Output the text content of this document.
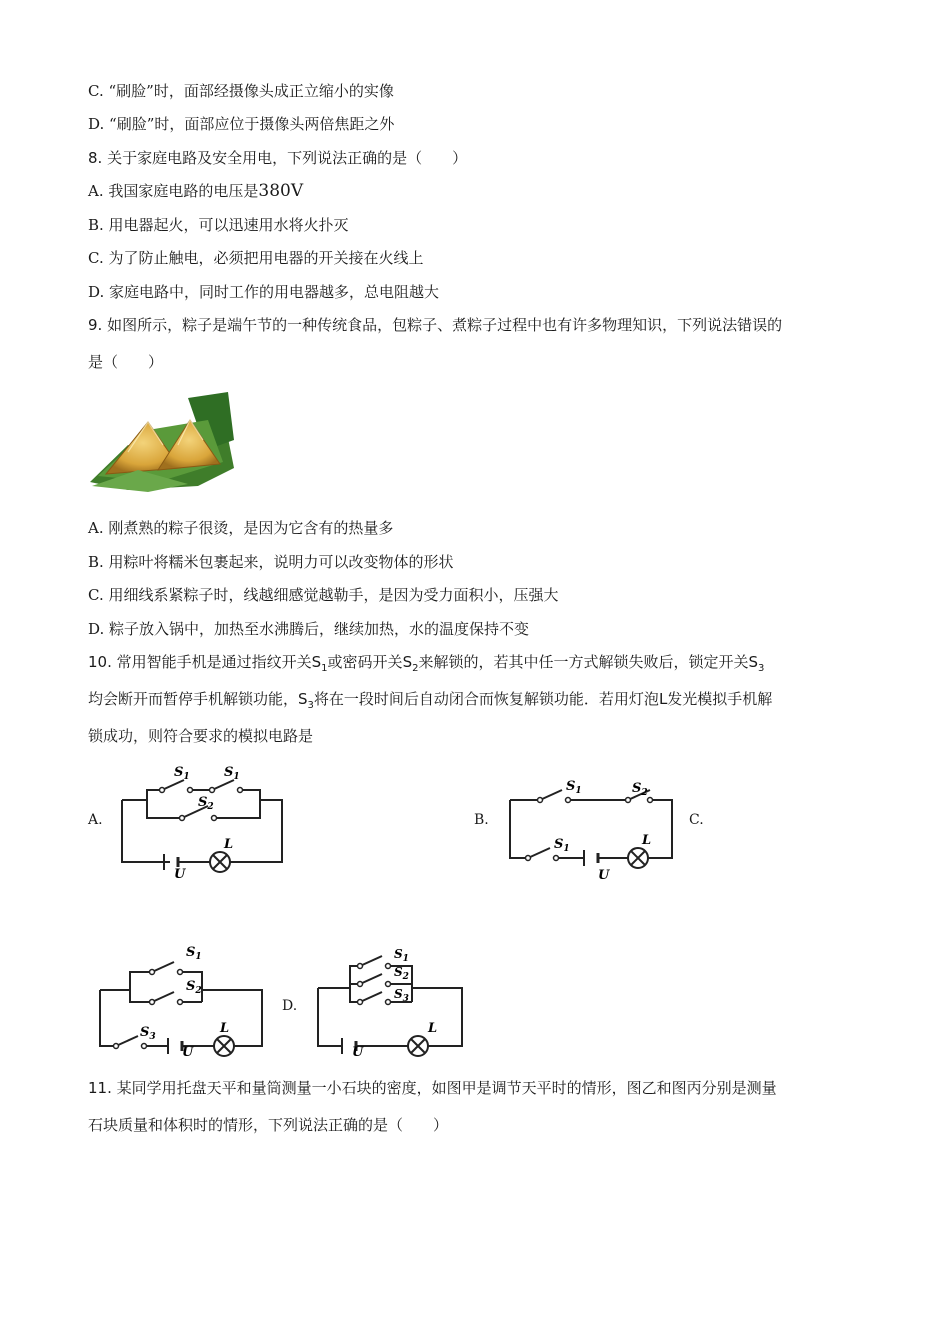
C. “刷脸”时，面部经摄像头成正立缩小的实像
D. “刷脸”时，面部应位于摄像头两倍焦距之外
8. 关于家庭电路及安全用电，下列说法正确的是（　　）
A. 我国家庭电路的电压是380V
B. 用电器起火，可以迅速用水将火扑灭
C. 为了防止触电，必须把用电器的开关接在火线上
D. 家庭电路中，同时工作的用电器越多，总电阻越大
9. 如图所示，粽子是端午节的一种传统食品，包粽子、煮粽子过程中也有许多物理知识，下列说法错误的
是（　　）
A. 刚煮熟的粽子很烫，是因为它含有的热量多
B. 用粽叶将糯米包裹起来，说明力可以改变物体的形状
C. 用细线系紧粽子时，线越细感觉越勒手，是因为受力面积小，压强大
D. 粽子放入锅中，加热至水沸腾后，继续加热，水的温度保持不变
10. 常用智能手机是通过指纹开关$S_1$或密码开关$S_2$来解锁的，若其中任一方式解锁失败后，锁定开关$S_3$
均会断开而暂停手机解锁功能，$S_3$将在一段时间后自动闭合而恢复解锁功能．若用灯泡L发光模拟手机解
锁成功，则符合要求的模拟电路是
A.	B.	C.
D.
$S_1$	$S_1$
$S_2$
L
U
$S_1$	$S_2$
$S_1$
L
U
$S_1$
$S_2$
$S_3$
L
U
$S_1$
$S_2$
$S_3$
L
U
11. 某同学用托盘天平和量筒测量一小石块的密度，如图甲是调节天平时的情形，图乙和图丙分别是测量
石块质量和体积时的情形，下列说法正确的是（　　）
